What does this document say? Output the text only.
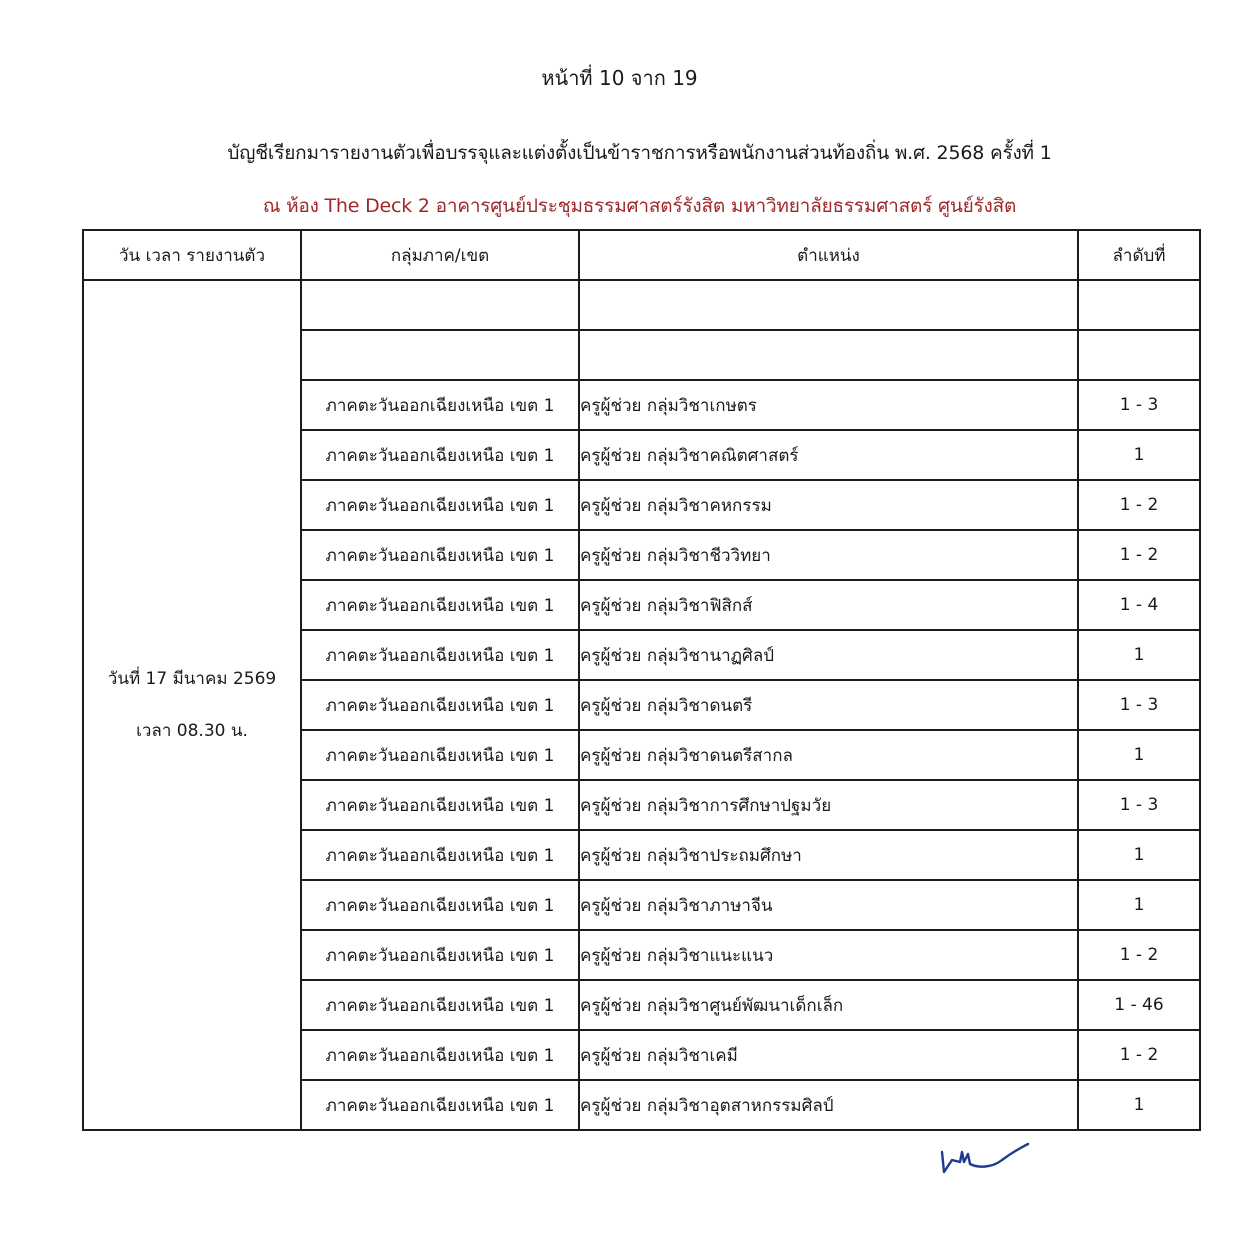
หน้าที่ 10 จาก 19
บัญชีเรียกมารายงานตัวเพื่อบรรจุและแต่งตั้งเป็นข้าราชการหรือพนักงานส่วนท้องถิ่น พ.ศ. 2568 ครั้งที่ 1
ณ ห้อง The Deck 2 อาคารศูนย์ประชุมธรรมศาสตร์รังสิต มหาวิทยาลัยธรรมศาสตร์ ศูนย์รังสิต
วัน เวลา รายงานตัว	กลุ่มภาค/เขต	ตำแหน่ง	ลำดับที่

วันที่ 17 มีนาคม 2569
เวลา 08.30 น.			

	ภาคตะวันออกเฉียงเหนือ เขต 1	ครูผู้ช่วย กลุ่มวิชาเกษตร	1 - 3
	ภาคตะวันออกเฉียงเหนือ เขต 1	ครูผู้ช่วย กลุ่มวิชาคณิตศาสตร์	1
	ภาคตะวันออกเฉียงเหนือ เขต 1	ครูผู้ช่วย กลุ่มวิชาคหกรรม	1 - 2
	ภาคตะวันออกเฉียงเหนือ เขต 1	ครูผู้ช่วย กลุ่มวิชาชีววิทยา	1 - 2
	ภาคตะวันออกเฉียงเหนือ เขต 1	ครูผู้ช่วย กลุ่มวิชาฟิสิกส์	1 - 4
	ภาคตะวันออกเฉียงเหนือ เขต 1	ครูผู้ช่วย กลุ่มวิชานาฏศิลป์	1
	ภาคตะวันออกเฉียงเหนือ เขต 1	ครูผู้ช่วย กลุ่มวิชาดนตรี	1 - 3
	ภาคตะวันออกเฉียงเหนือ เขต 1	ครูผู้ช่วย กลุ่มวิชาดนตรีสากล	1
	ภาคตะวันออกเฉียงเหนือ เขต 1	ครูผู้ช่วย กลุ่มวิชาการศึกษาปฐมวัย	1 - 3
	ภาคตะวันออกเฉียงเหนือ เขต 1	ครูผู้ช่วย กลุ่มวิชาประถมศึกษา	1
	ภาคตะวันออกเฉียงเหนือ เขต 1	ครูผู้ช่วย กลุ่มวิชาภาษาจีน	1
	ภาคตะวันออกเฉียงเหนือ เขต 1	ครูผู้ช่วย กลุ่มวิชาแนะแนว	1 - 2
	ภาคตะวันออกเฉียงเหนือ เขต 1	ครูผู้ช่วย กลุ่มวิชาศูนย์พัฒนาเด็กเล็ก	1 - 46
	ภาคตะวันออกเฉียงเหนือ เขต 1	ครูผู้ช่วย กลุ่มวิชาเคมี	1 - 2
	ภาคตะวันออกเฉียงเหนือ เขต 1	ครูผู้ช่วย กลุ่มวิชาอุตสาหกรรมศิลป์	1
